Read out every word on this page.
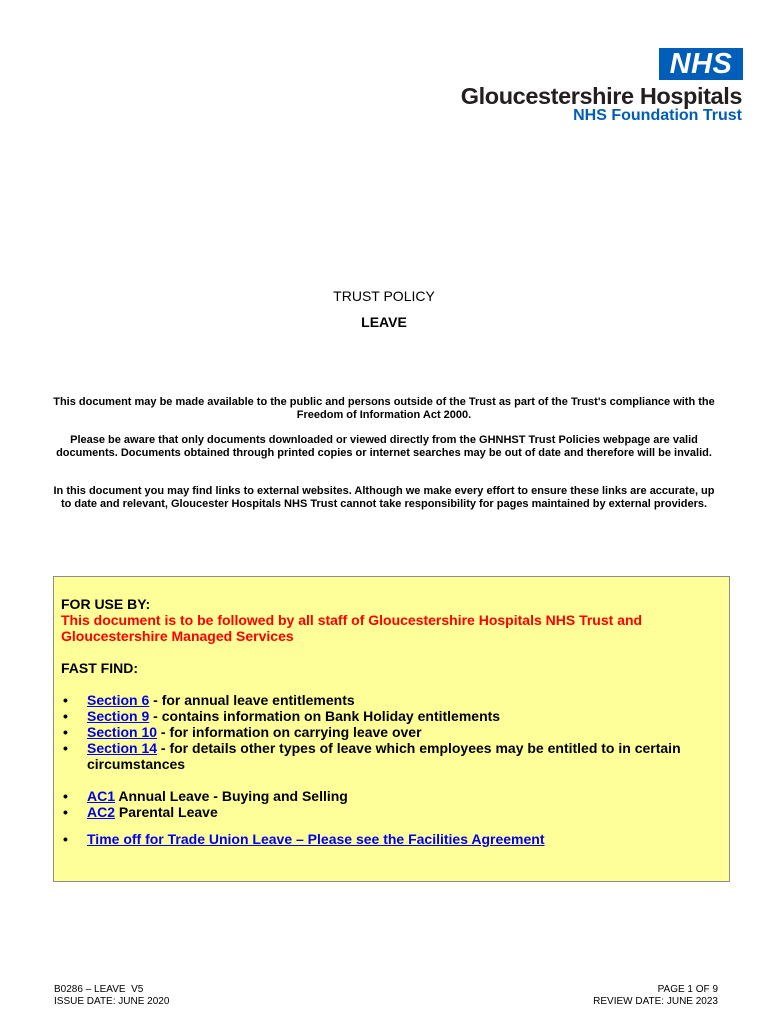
NHS
Gloucestershire Hospitals
NHS Foundation Trust
TRUST POLICY
LEAVE
This document may be made available to the public and persons outside of the Trust as part of the Trust's compliance with the Freedom of Information Act 2000.
Please be aware that only documents downloaded or viewed directly from the GHNHST Trust Policies webpage are valid documents. Documents obtained through printed copies or internet searches may be out of date and therefore will be invalid.
In this document you may find links to external websites. Although we make every effort to ensure these links are accurate, up to date and relevant, Gloucester Hospitals NHS Trust cannot take responsibility for pages maintained by external providers.
FOR USE BY:
This document is to be followed by all staff of Gloucestershire Hospitals NHS Trust and Gloucestershire Managed Services
FAST FIND:
• Section 6 - for annual leave entitlements
• Section 9 - contains information on Bank Holiday entitlements
• Section 10 - for information on carrying leave over
• Section 14 - for details other types of leave which employees may be entitled to in certain circumstances
• AC1 Annual Leave - Buying and Selling
• AC2 Parental Leave
• Time off for Trade Union Leave – Please see the Facilities Agreement
B0286 – LEAVE  V5
ISSUE DATE: JUNE 2020
PAGE 1 OF 9
REVIEW DATE: JUNE 2023
